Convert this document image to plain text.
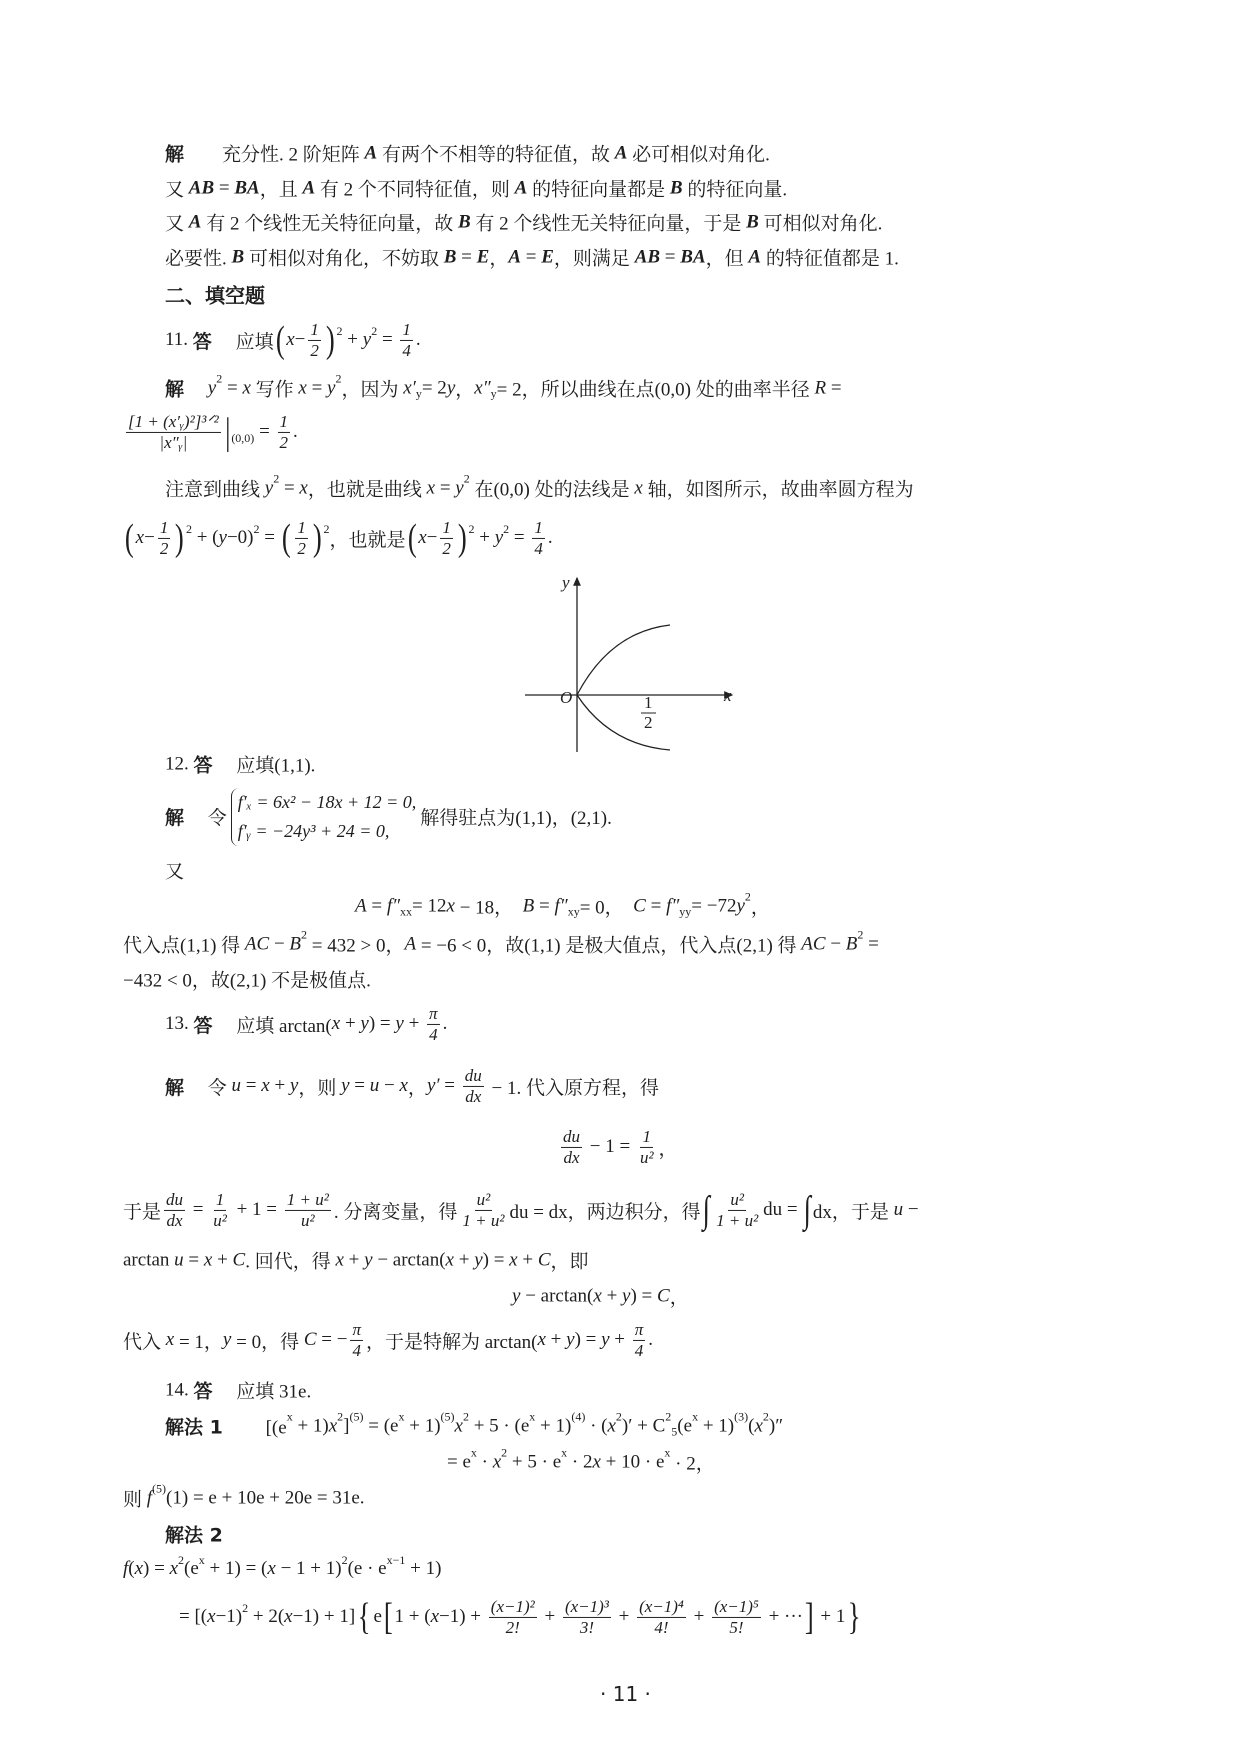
解 　　充分性. 2 阶矩阵 A 有两个不相等的特征值，故 A 必可相似对角化.
又 AB = BA ，且 A 有 2 个不同特征值，则 A 的特征向量都是 B 的特征向量.
又 A 有 2 个线性无关特征向量，故 B 有 2 个线性无关特征向量，于是 B 可相似对角化.
必要性. B 可相似对角化，不妨取 B = E ， A = E ，则满足 AB = BA ，但 A 的特征值都是 1.
二、填空题
11. 答 　 应填 ( $x - \frac{1}{2}$ ) 2 + y $2 = \frac{1}{4}$ .
解
　 y 2 = x 写作 x = y 2
，因为 x′ y = 2 y ， x″ y = 2，所以曲线在点(0,0) 处的曲率半径 R =
$\frac{\text{[1 + (x′ᵧ)²]³ᐟ²}}{\text{|x″ᵧ|}}$ | $(0,0) = \frac{1}{2}$ .
注意到曲线 y 2 = x ，也就是曲线 x = y 2
在(0,0) 处的法线是 x 轴，如图所示，故曲率圆方程为
( $x - \frac{1}{2}$ ) 2 + ( y −0) 2 = ( $\frac{1}{2}$ ) 2
，也就是 ( $x - \frac{1}{2}$ ) 2 + y $2 = \frac{1}{4}$ .
y
O	x
1
2
12. 答 　 应填(1,1).
解 　 令
f′ₓ = 6x² − 18x + 12 = 0,
f′ᵧ = −24y³ + 24 = 0,
解得驻点为(1,1)，(2,1).
又
A = f″ xx = 12 x − 18， B = f″ xy = 0， C = f″ yy = −72 y 2
，
代入点(1,1) 得 AC − B 2
= 432 > 0， A = −6 < 0，故(1,1) 是极大值点，代入点(2,1) 得 AC − B 2 =
−432 < 0，故(2,1) 不是极值点.
13. 答 　 应填 arctan( x + y ) = $y + \frac{\pi}{4}$ .
解 　 令 u = x + y ，则 y = u − x ， $y' = \frac{du}{dx} - 1$. 代入原方程，得
$\frac{du}{dx} - 1 = \frac{1}{\text{u²}}$ ，
于是 $\frac{du}{dx} = \frac{1}{\text{u²}} + 1 = \frac{\text{1 + u²}}{\text{u²}}$ . 分离变量，得 $\frac{\text{u²}}{\text{1 + u²}}$ du = dx，两边积分，得 ∫ $\frac{\text{u²}}{\text{1 + u²}}$ du = ∫ dx，于是 u −
arctan u = x + C . 回代，得 x + y − arctan( x + y ) = x + C ，即
y − arctan( x + y ) = C ，
代入 x = 1， y = 0，得 C = − $\frac{\pi}{4}$ ，于是特解为 arctan( x + y ) = $y + \frac{\pi}{4}$ .
14. 答 　 应填 31e.
解法 1 　　 [(e
x + 1) x 2 ] (5) = (e x + 1) (5) x 2 + 5 · (e x + 1) (4) · ( x 2 )′ + C 2
5 (e x + 1) (3) ( x 2 )″
= e x · x 2 + 5 · e x · 2 x + 10 · e x
· 2，
则 f (5) (1) = e + 10e + 20e = 31e.
解法 2
f ( x ) = x 2 (e x + 1) = ( x − 1 + 1) 2 (e · e x−1 + 1)
= [( x −1) 2 + 2( x −1) + 1] { e [ 1 + ( $x -1) + \frac{\text{(x−1)²}}{2!} + \frac{\text{(x−1)³}}{3!} + \frac{\text{(x−1)⁴}}{4!} + \frac{\text{(x−1)⁵}}{5!}$ + ··· ] + 1 }
· 11 ·
